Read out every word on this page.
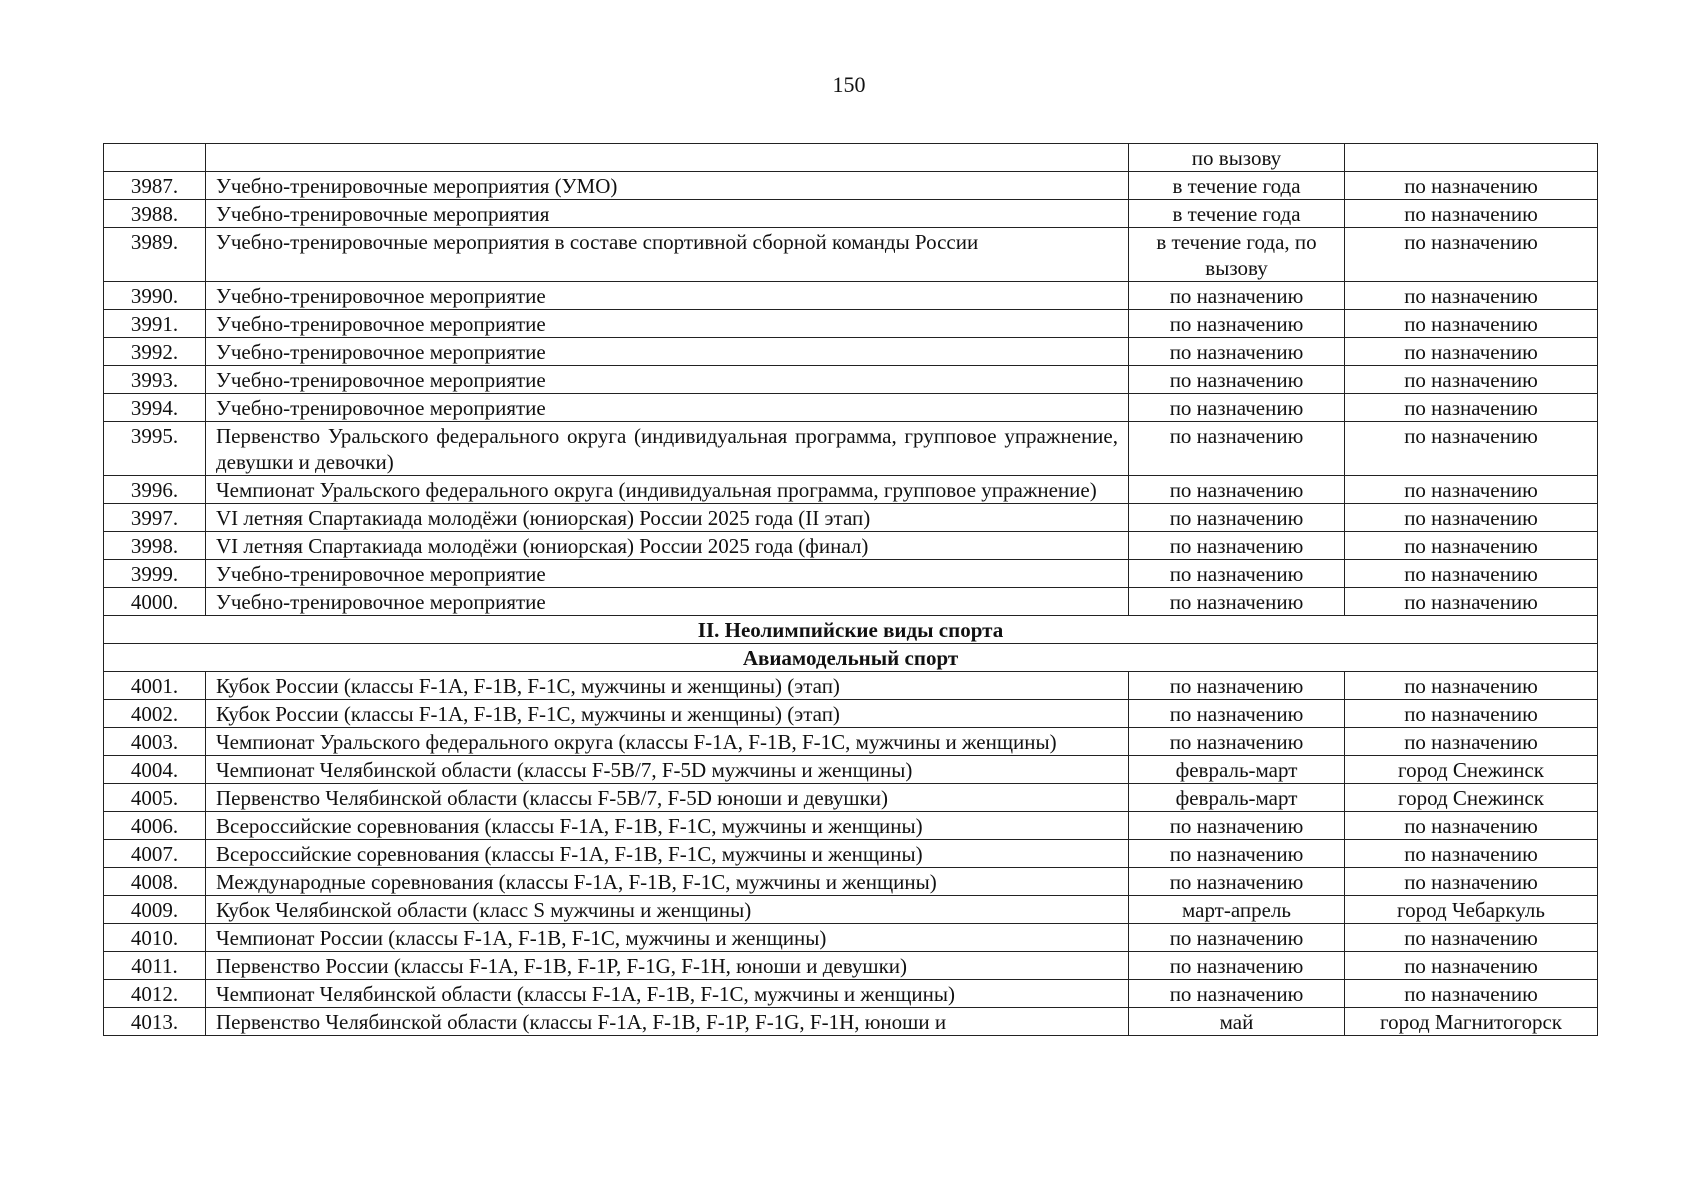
150
		по вызову	
3987.	Учебно-тренировочные мероприятия (УМО)	в течение года	по назначению
3988.	Учебно-тренировочные мероприятия	в течение года	по назначению
3989.	Учебно-тренировочные мероприятия в составе спортивной сборной команды России	в течение года, по вызову	по назначению
3990.	Учебно-тренировочное мероприятие	по назначению	по назначению
3991.	Учебно-тренировочное мероприятие	по назначению	по назначению
3992.	Учебно-тренировочное мероприятие	по назначению	по назначению
3993.	Учебно-тренировочное мероприятие	по назначению	по назначению
3994.	Учебно-тренировочное мероприятие	по назначению	по назначению
3995.	Первенство Уральского федерального округа (индивидуальная программа, групповое упражнение, девушки и девочки)	по назначению	по назначению
3996.	Чемпионат Уральского федерального округа (индивидуальная программа, групповое упражнение)	по назначению	по назначению
3997.	VI летняя Спартакиада молодёжи (юниорская) России 2025 года (II этап)	по назначению	по назначению
3998.	VI летняя Спартакиада молодёжи (юниорская) России 2025 года (финал)	по назначению	по назначению
3999.	Учебно-тренировочное мероприятие	по назначению	по назначению
4000.	Учебно-тренировочное мероприятие	по назначению	по назначению
II. Неолимпийские виды спорта			
Авиамодельный спорт			
4001.	Кубок России (классы F-1A, F-1B, F-1C, мужчины и женщины) (этап)	по назначению	по назначению
4002.	Кубок России (классы F-1A, F-1B, F-1C, мужчины и женщины) (этап)	по назначению	по назначению
4003.	Чемпионат Уральского федерального округа (классы F-1A, F-1B, F-1C, мужчины и женщины)	по назначению	по назначению
4004.	Чемпионат Челябинской области (классы F-5B/7, F-5D мужчины и женщины)	февраль-март	город Снежинск
4005.	Первенство Челябинской области (классы F-5B/7, F-5D юноши и девушки)	февраль-март	город Снежинск
4006.	Всероссийские соревнования (классы F-1A, F-1B, F-1C, мужчины и женщины)	по назначению	по назначению
4007.	Всероссийские соревнования (классы F-1A, F-1B, F-1C, мужчины и женщины)	по назначению	по назначению
4008.	Международные соревнования (классы F-1A, F-1B, F-1C, мужчины и женщины)	по назначению	по назначению
4009.	Кубок Челябинской области (класс S мужчины и женщины)	март-апрель	город Чебаркуль
4010.	Чемпионат России (классы F-1A, F-1B, F-1C, мужчины и женщины)	по назначению	по назначению
4011.	Первенство России (классы F-1A, F-1B, F-1P, F-1G, F-1H, юноши и девушки)	по назначению	по назначению
4012.	Чемпионат Челябинской области (классы F-1A, F-1B, F-1C, мужчины и женщины)	по назначению	по назначению
4013.	Первенство Челябинской области (классы F-1A, F-1B, F-1P, F-1G, F-1H, юноши и	май	город Магнитогорск
